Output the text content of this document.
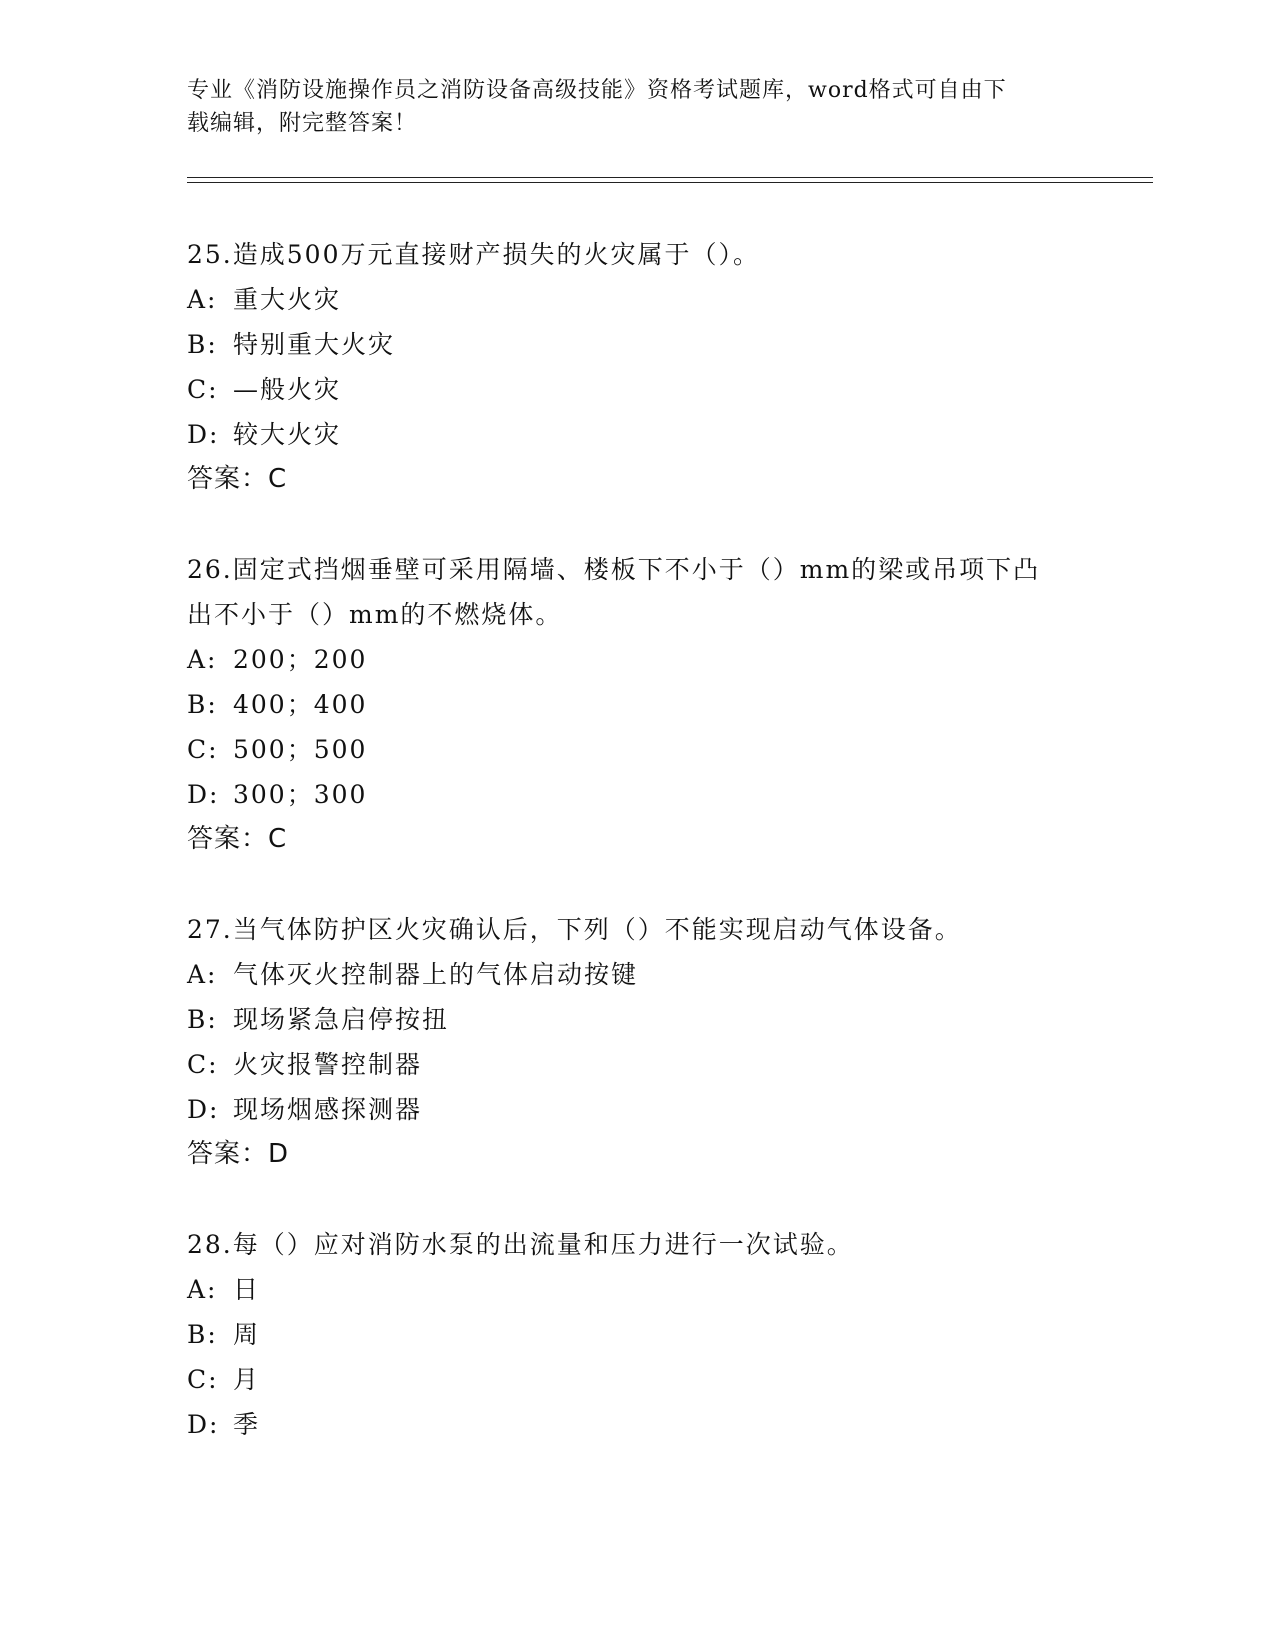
专业《消防设施操作员之消防设备高级技能》资格考试题库，word格式可自由下
载编辑，附完整答案！
25.造成500万元直接财产损失的火灾属于（）。
A: 重大火灾
B: 特别重大火灾
C: —般火灾
D: 较大火灾
答案：C
26.固定式挡烟垂壁可采用隔墙、楼板下不小于（）mm的梁或吊项下凸
出不小于（）mm的不燃烧体。
A: 200；200
B: 400；400
C: 500；500
D: 300；300
答案：C
27.当气体防护区火灾确认后，下列（）不能实现启动气体设备。
A: 气体灭火控制器上的气体启动按键
B: 现场紧急启停按扭
C: 火灾报警控制器
D: 现场烟感探测器
答案：D
28.每（）应对消防水泵的出流量和压力进行一次试验。
A: 日
B: 周
C: 月
D: 季
